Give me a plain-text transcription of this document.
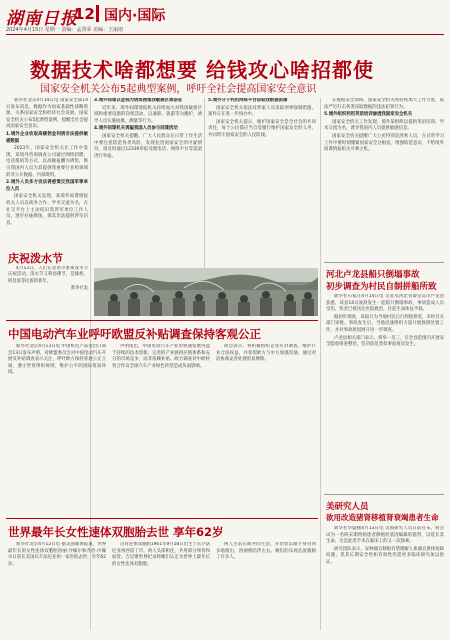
湖南日报
12 国内·国际
2024年4月15日 星期一 责编：孟贤荣 美编：王丽雨
数据技术啥都想要 给钱攻心啥招都使
国家安全机关公布5起典型案例，呼吁全社会提高国家安全意识

新华社北京4月14日电 国家安全部14日发布消息，数据作为国家基础性战略资源，关系国家安全和经济社会发展。国家安全机关公布5起典型案例，提醒全社会提高国家安全意识。

1.境外企业收取高额佣金利诱非法提供敏感数据

2023年，国家安全机关在工作中发现，某境外咨询调查公司通过网络招聘、电话推销等方式，以高额报酬为诱饵，吸引我国内人员为其提供我重要行业和领域的非公开数据、内部资料。

2.境外人员多方设法诱惑策反我国军事单位人员

国家安全机关发现，某境外间谍情报机关人员以商务合作、学术交流为名，在社交平台上主动结识我涉军单位工作人员，逐步拉拢腐蚀，诱其非法提供涉军信息。

3.境外间谍以金钱为诱饵搜集我敏感区域信息

近年来，境外间谍情报机关持续加大对我国敏感区域和重要设施的窃密活动，以兼职、旅游等为掩护，诱导人员实施拍摄、测量等行为。

4.境外间谍机关诱骗我国人员参与间谍活动

国家安全机关提醒，广大人民群众在日常工作生活中要注意防范各类风险，发现危害国家安全的可疑情况，请及时通过12339举报受理电话、网络平台等渠道进行举报。

5.境外分子利用网络平台窃取我数据资源

国家安全机关依法对涉案人员采取刑事强制措施，案件正在进一步侦办中。

国家安全机关提示，维护国家安全是全社会的共同责任，每个公民都应当自觉履行维护国家安全的义务，共同筑牢国家安全的人民防线。

在数据安全领域，国家安全机关将持续加大工作力度，依法严厉打击各类窃取数据的违法犯罪行为。

5.境外组织利用英语培训渗透我国家安全机关

国家安全机关工作发现，境外某组织以提供英语培训、学术交流为名，诱导我国内人员提供敏感信息。

国家安全机关提醒广大公民特别是涉密人员，在日常学习工作中要时刻绷紧国家安全这根弦，增强防范意识，不给境外间谍情报机关可乘之机。

庆祝泼水节

4月13日，人们在景洪市参加泼水节庆祝活动。泼水节又称浴佛节，是傣族、阿昌族等民族的新年。

新华社发

中国电动汽车业呼吁欧盟反补贴调查保持客观公正

新华社北京4月13日电 中国机电产品进出口商会13日发布声明，对欧盟委员会对中国电动汽车开展反补贴调查表示关注，呼吁欧方保持客观公正立场，遵守世贸组织规则，维护公平的国际贸易环境。

声明指出，中国电动汽车产业的快速发展得益于持续的技术创新、完善的产业链供应链体系和充分的市场竞争，而非依赖补贴。欧方调查对中欧经贸合作及全球汽车产业绿色转型造成负面影响。

商会表示，将积极组织企业应对调查，维护行业合法权益，并希望欧方与中方加强沟通，通过对话协商妥善处理贸易摩擦。

世界最年长女性速体双胞胎去世 享年62岁

新华社北京4月12日电 据美国媒体报道，世界最年长的女性连体双胞胎洛丽·沙佩尔和乔治·沙佩尔日前在美国宾夕法尼亚州一家医院去世，享年62岁。

这对连体双胞胎1961年9月18日出生于宾夕法尼亚州西雷丁市，两人头部相连，共用部分颅骨和血管。吉尼斯世界纪录将她们认定为世界上最年长的女性连体双胞胎。

两人生前长期共同生活，乔治曾以歌手身份到多地演出，洛丽则陪伴左右。她们的乐观态度激励了许多人。

河北卢龙县船只倒塌事故
初步调查为村民自制拼船所致

新华社石家庄4月14日电 记者从河北省秦皇岛市卢龙县获悉，该县14日凌晨发生一起船只倒塌事故，事故造成人员受伤，伤者已被送往医院救治，目前生命体征平稳。

据初步调查，该船只为当地村民自行焊接拼装，未经有关部门审批。事故发生后，当地迅速组织力量开展救援处置工作，并对事故原因展开进一步调查。

卢龙县相关部门表示，将举一反三，在全县范围内开展安全隐患排查整治，坚决防范类似事故再次发生。

美研究人员
欲用改造猪肾移植肾衰竭患者生命

新华社华盛顿4月13日电 美国研究人员日前宣布，将尝试为一名终末期肾病患者移植经基因编辑的猪肾，以延长其生命。这是此类手术在临床上的又一次探索。

研究团队表示，异种器官移植有望缓解人体器官供体短缺问题，但其长期安全性和有效性仍需更多临床研究加以验证。
